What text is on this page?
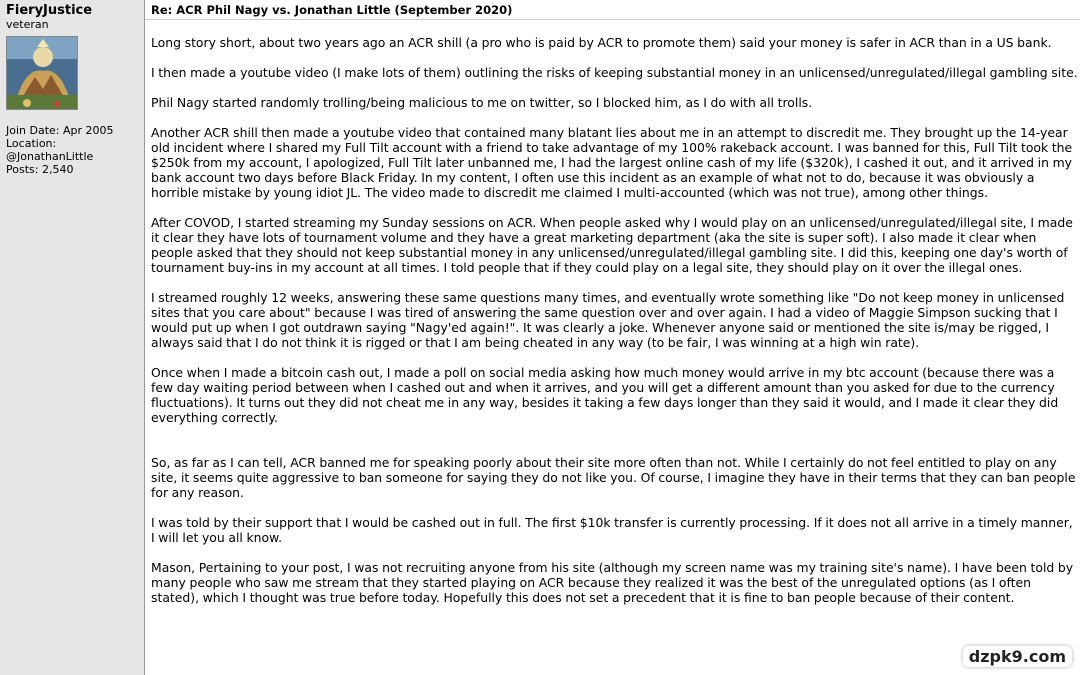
FieryJustice
veteran
Join Date: Apr 2005
Location:
@JonathanLittle
Posts: 2,540
Re: ACR Phil Nagy vs. Jonathan Little (September 2020)

Long story short, about two years ago an ACR shill (a pro who is paid by ACR to promote them) said your money is safer in ACR than in a US bank.

I then made a youtube video (I make lots of them) outlining the risks of keeping substantial money in an unlicensed/unregulated/illegal gambling site.

Phil Nagy started randomly trolling/being malicious to me on twitter, so I blocked him, as I do with all trolls.

Another ACR shill then made a youtube video that contained many blatant lies about me in an attempt to discredit me. They brought up the 14-year old incident where I shared my Full Tilt account with a friend to take advantage of my 100% rakeback account. I was banned for this, Full Tilt took the $250k from my account, I apologized, Full Tilt later unbanned me, I had the largest online cash of my life ($320k), I cashed it out, and it arrived in my bank account two days before Black Friday. In my content, I often use this incident as an example of what not to do, because it was obviously a horrible mistake by young idiot JL. The video made to discredit me claimed I multi-accounted (which was not true), among other things.

After COVOD, I started streaming my Sunday sessions on ACR. When people asked why I would play on an unlicensed/unregulated/illegal site, I made it clear they have lots of tournament volume and they have a great marketing department (aka the site is super soft). I also made it clear when people asked that they should not keep substantial money in any unlicensed/unregulated/illegal gambling site. I did this, keeping one day's worth of tournament buy-ins in my account at all times. I told people that if they could play on a legal site, they should play on it over the illegal ones.

I streamed roughly 12 weeks, answering these same questions many times, and eventually wrote something like "Do not keep money in unlicensed sites that you care about" because I was tired of answering the same question over and over again. I had a video of Maggie Simpson sucking that I would put up when I got outdrawn saying "Nagy'ed again!". It was clearly a joke. Whenever anyone said or mentioned the site is/may be rigged, I always said that I do not think it is rigged or that I am being cheated in any way (to be fair, I was winning at a high win rate).

Once when I made a bitcoin cash out, I made a poll on social media asking how much money would arrive in my btc account (because there was a few day waiting period between when I cashed out and when it arrives, and you will get a different amount than you asked for due to the currency fluctuations). It turns out they did not cheat me in any way, besides it taking a few days longer than they said it would, and I made it clear they did everything correctly.

So, as far as I can tell, ACR banned me for speaking poorly about their site more often than not. While I certainly do not feel entitled to play on any site, it seems quite aggressive to ban someone for saying they do not like you. Of course, I imagine they have in their terms that they can ban people for any reason.

I was told by their support that I would be cashed out in full. The first $10k transfer is currently processing. If it does not all arrive in a timely manner, I will let you all know.

Mason, Pertaining to your post, I was not recruiting anyone from his site (although my screen name was my training site's name). I have been told by many people who saw me stream that they started playing on ACR because they realized it was the best of the unregulated options (as I often stated), which I thought was true before today. Hopefully this does not set a precedent that it is fine to ban people because of their content.

dzpk9.com
